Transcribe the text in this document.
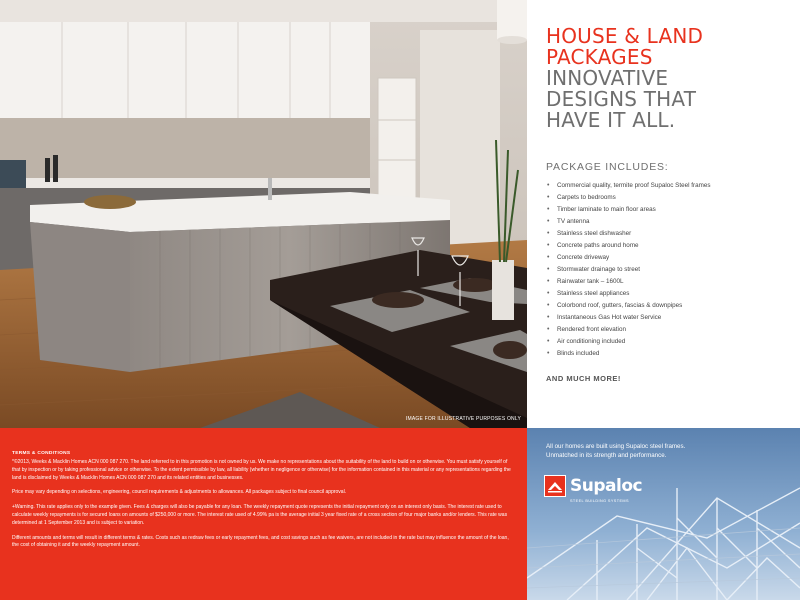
IMAGE FOR ILLUSTRATIVE PURPOSES ONLY
HOUSE & LAND
PACKAGES
INNOVATIVE
DESIGNS THAT
HAVE IT ALL.
PACKAGE INCLUDES:
• Commercial quality, termite proof Supaloc Steel frames
• Carpets to bedrooms
• Timber laminate to main floor areas
• TV antenna
• Stainless steel dishwasher
• Concrete paths around home
• Concrete driveway
• Stormwater drainage to street
• Rainwater tank – 1600L
• Stainless steel appliances
• Colorbond roof, gutters, fascias & downpipes
• Instantaneous Gas Hot water Service
• Rendered front elevation
• Air conditioning included
• Blinds included
AND MUCH MORE!
TERMS & CONDITIONS

*©2013, Weeks & Macklin Homes ACN 000 087 270. The land referred to in this promotion is not owned by us. We make no representations about the suitability of the land to build on or otherwise. You must satisfy yourself of that by inspection or by taking professional advice or otherwise. To the extent permissible by law, all liability (whether in negligence or otherwise) for the information contained in this material or any representations regarding the land is disclaimed by Weeks & Macklin Homes ACN 000 087 270 and its related entities and businesses.

Price may vary depending on selections, engineering, council requirements & adjustments to allowances. All packages subject to final council approval.

+Warning. This rate applies only to the example given. Fees & charges will also be payable for any loan. The weekly repayment quote represents the initial repayment only on an interest only basis. The interest rate used to calculate weekly repayments is for secured loans on amounts of $250,000 or more. The interest rate used of 4.99% pa is the average initial 3 year fixed rate of a cross section of four major banks and/or lenders. This rate was determined at 1 September 2013 and is subject to variation.

Different amounts and terms will result in different terms & rates. Costs such as redraw fees or early repayment fees, and cost savings such as fee waivers, are not included in the rate but may influence the amount of the loan, the cost of obtaining it and the weekly repayment amount.

All our homes are built using Supaloc steel frames.
Unmatched in its strength and performance.
Supaloc
STEEL BUILDING SYSTEMS
